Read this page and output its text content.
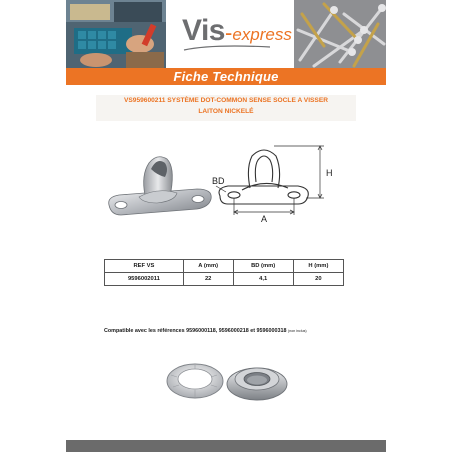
Vis-express
Fiche Technique
VS959600211 SYSTÈME DOT-COMMON SENSE SOCLE A VISSER
LAITON NICKELÉ
BD
H
A
REF VS	A (mm)	BD (mm)	H (mm)
9596002011	22	4,1	20
Compatible avec les références 9596000118, 9596000218 et 9596000318 (non inclus)
